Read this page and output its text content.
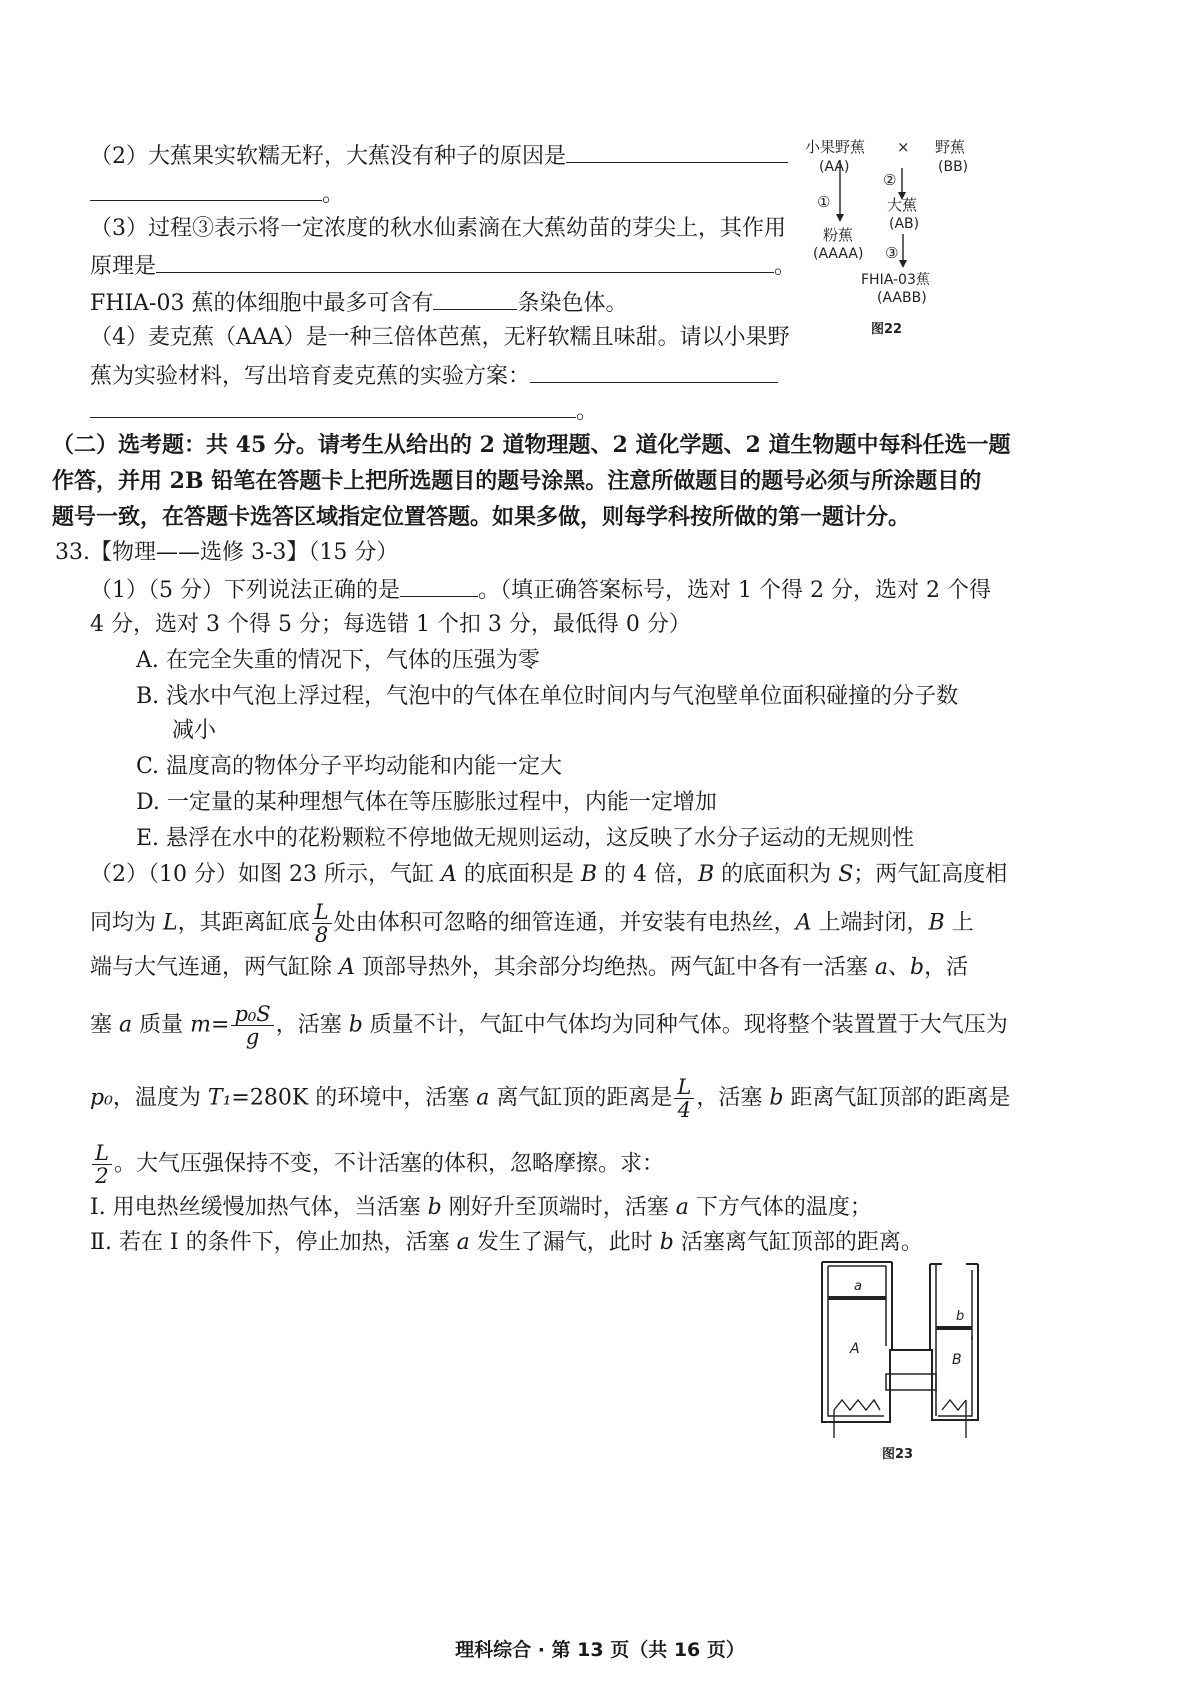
（2）大蕉果实软糯无籽，大蕉没有种子的原因是
。
（3）过程③表示将一定浓度的秋水仙素滴在大蕉幼苗的芽尖上，其作用
原理是	。
FHIA-03 蕉的体细胞中最多可含有	条染色体。
（4）麦克蕉（AAA）是一种三倍体芭蕉，无籽软糯且味甜。请以小果野
蕉为实验材料，写出培育麦克蕉的实验方案：
。
小果野蕉 × 野蕉
(AA)	(BB)
②
大蕉
(AB)
①
粉蕉
(AAAA) ③
FHIA-03蕉
(AABB)
图22
（二）选考题：共 45 分。请考生从给出的 2 道物理题、2 道化学题、2 道生物题中每科任选一题
作答，并用 2B 铅笔在答题卡上把所选题目的题号涂黑。注意所做题目的题号必须与所涂题目的
题号一致，在答题卡选答区域指定位置答题。如果多做，则每学科按所做的第一题计分。
33.【物理——选修 3-3】（15 分）
（1）（5 分）下列说法正确的是	。（填正确答案标号，选对 1 个得 2 分，选对 2 个得
4 分，选对 3 个得 5 分；每选错 1 个扣 3 分，最低得 0 分）
A. 在完全失重的情况下，气体的压强为零
B. 浅水中气泡上浮过程，气泡中的气体在单位时间内与气泡壁单位面积碰撞的分子数
减小
C. 温度高的物体分子平均动能和内能一定大
D. 一定量的某种理想气体在等压膨胀过程中，内能一定增加
E. 悬浮在水中的花粉颗粒不停地做无规则运动，这反映了水分子运动的无规则性
（2）（10 分）如图 23 所示，气缸 A 的底面积是 B 的 4 倍，B 的底面积为 S；两气缸高度相
同均为 L，其距离缸底 $\frac{L}{8}$ 处由体积可忽略的细管连通，并安装有电热丝，A 上端封闭，B 上
端与大气连通，两气缸除 A 顶部导热外，其余部分均绝热。两气缸中各有一活塞 a、b，活
塞 a 质量 $m= \frac{\text{p₀S}}{g}$ ，活塞 b 质量不计，气缸中气体均为同种气体。现将整个装置置于大气压为
p₀，温度为 T₁=280K 的环境中，活塞 a 离气缸顶的距离是 $\frac{L}{4}$ ，活塞 b 距离气缸顶部的距离是
$\frac{L}{2}$ 。大气压强保持不变，不计活塞的体积，忽略摩擦。求：
Ⅰ. 用电热丝缓慢加热气体，当活塞 b 刚好升至顶端时，活塞 a 下方气体的温度；
Ⅱ. 若在 Ⅰ 的条件下，停止加热，活塞 a 发生了漏气，此时 b 活塞离气缸顶部的距离。
a
A
b
B
图23
理科综合 · 第 13 页（共 16 页）
